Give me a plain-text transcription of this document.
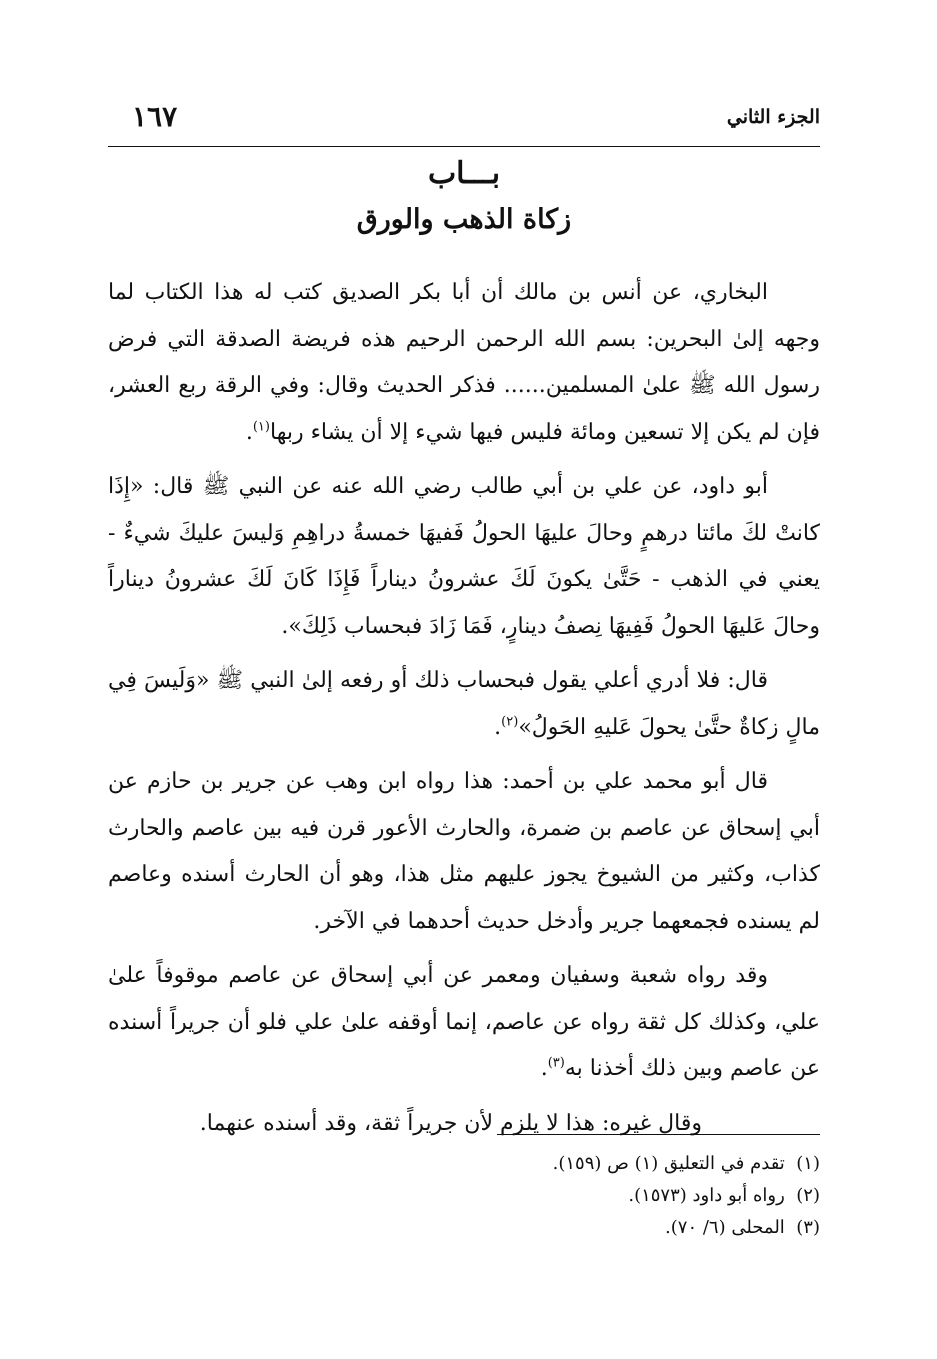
الجزء الثاني
١٦٧
بـــاب
زكاة الذهب والورق

البخاري، عن أنس بن مالك أن أبا بكر الصديق كتب له هذا الكتاب لما وجهه إلىٰ البحرين: بسم الله الرحمن الرحيم هذه فريضة الصدقة التي فرض رسول الله ﷺ علىٰ المسلمين...... فذكر الحديث وقال: وفي الرقة ربع العشر، فإن لم يكن إلا تسعين ومائة فليس فيها شيء إلا أن يشاء ربها$^{(١)}$.

أبو داود، عن علي بن أبي طالب رضي الله عنه عن النبي ﷺ قال: «إِذَا كانتْ لكَ مائتا درهمٍ وحالَ عليهَا الحولُ فَفيهَا خمسةُ دراهِمِ وَليسَ عليكَ شيءٌ - يعني في الذهب - حَتَّىٰ يكونَ لَكَ عشرونُ ديناراً فَإِذَا كَانَ لَكَ عشرونُ ديناراً وحالَ عَليهَا الحولُ فَفِيهَا نِصفُ دينارٍ، فَمَا زَادَ فبحساب ذَلِكَ».

قال: فلا أدري أعلي يقول فبحساب ذلك أو رفعه إلىٰ النبي ﷺ «وَلَيسَ فِي مالٍ زكاةٌ حتَّىٰ يحولَ عَليهِ الحَولُ»$^{(٢)}$.

قال أبو محمد علي بن أحمد: هذا رواه ابن وهب عن جرير بن حازم عن أبي إسحاق عن عاصم بن ضمرة، والحارث الأعور قرن فيه بين عاصم والحارث كذاب، وكثير من الشيوخ يجوز عليهم مثل هذا، وهو أن الحارث أسنده وعاصم لم يسنده فجمعهما جرير وأدخل حديث أحدهما في الآخر.

وقد رواه شعبة وسفيان ومعمر عن أبي إسحاق عن عاصم موقوفاً علىٰ علي، وكذلك كل ثقة رواه عن عاصم، إنما أوقفه علىٰ علي فلو أن جريراً أسنده عن عاصم وبين ذلك أخذنا به$^{(٣)}$.

وقال غيره: هذا لا يلزم لأن جريراً ثقة، وقد أسنده عنهما.

(١)  تقدم في التعليق (١) ص (١٥٩).

(٢)  رواه أبو داود (١٥٧٣).

(٣)  المحلى (٦/ ٧٠).
